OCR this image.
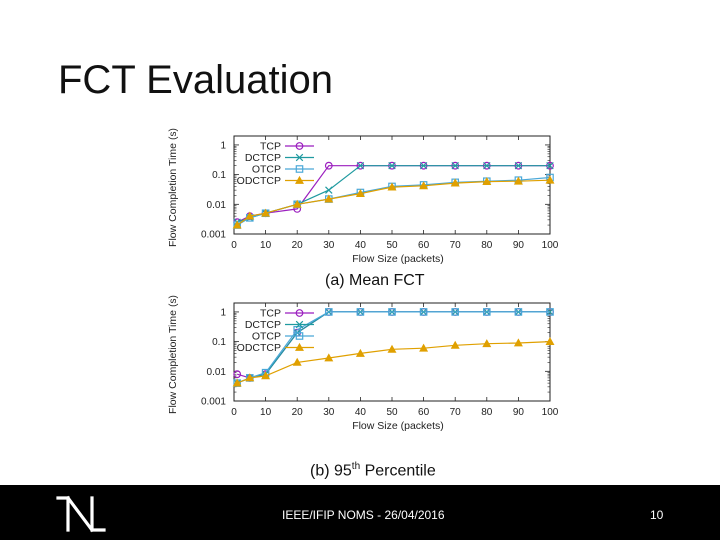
FCT Evaluation
0 10 20 30 40 50 60 70 80 90 100
0.001
0.01
0.1
1
Flow Size (packets)
Flow Completion Time
(s)
TCP
DCTCP
OTCP
ODCTCP
(a) Mean FCT
0 10 20 30 40 50 60 70 80 90 100
0.001
0.01
0.1
1
Flow Size (packets)
Flow Completion Time
(s)
TCP
DCTCP
OTCP
ODCTCP
(b) 95th Percentile
IEEE/IFIP NOMS - 26/04/2016	10
